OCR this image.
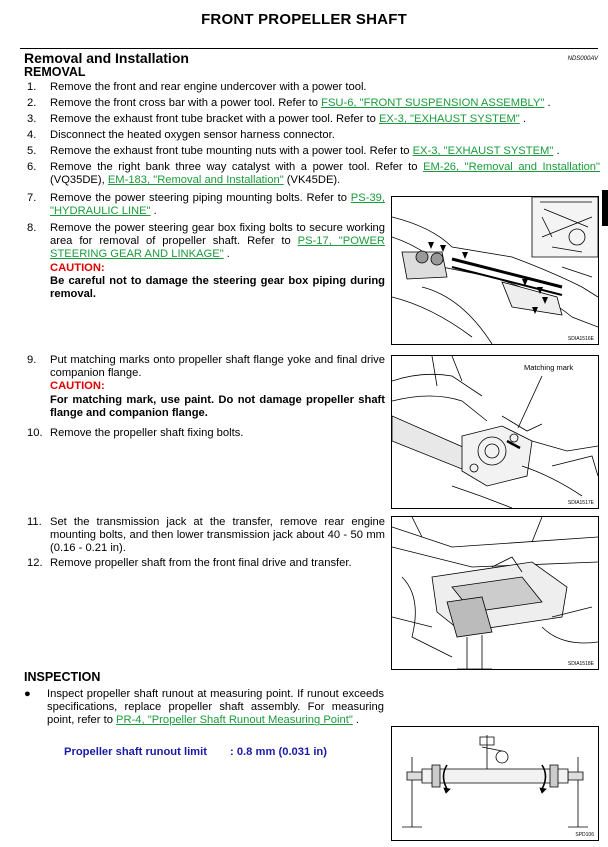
FRONT PROPELLER SHAFT
Removal and Installation	NDS000AV
REMOVAL
1. Remove the front and rear engine undercover with a power tool.
2. Remove the front cross bar with a power tool. Refer to FSU-6, "FRONT SUSPENSION ASSEMBLY" .
3. Remove the exhaust front tube bracket with a power tool. Refer to EX-3, "EXHAUST SYSTEM" .
4. Disconnect the heated oxygen sensor harness connector.
5. Remove the exhaust front tube mounting nuts with a power tool. Refer to EX-3, "EXHAUST SYSTEM" .
6. Remove the right bank three way catalyst with a power tool. Refer to EM-26, "Removal and Installation" (VQ35DE), EM-183, "Removal and Installation" (VK45DE).
7. Remove the power steering piping mounting bolts. Refer to PS-39, "HYDRAULIC LINE" .
8. Remove the power steering gear box fixing bolts to secure working area for removal of propeller shaft. Refer to PS-17, "POWER STEERING GEAR AND LINKAGE" .
CAUTION:
Be careful not to damage the steering gear box piping during removal.
SDIA1516E
9. Put matching marks onto propeller shaft flange yoke and final drive companion flange.
CAUTION:
For matching mark, use paint. Do not damage propeller shaft flange and companion flange.
10. Remove the propeller shaft fixing bolts.
Matching mark
SDIA1517E
11. Set the transmission jack at the transfer, remove rear engine mounting bolts, and then lower transmission jack about 40 - 50 mm (0.16 - 0.21 in).
12. Remove propeller shaft from the front final drive and transfer.
SDIA1518E
INSPECTION
● Inspect propeller shaft runout at measuring point. If runout exceeds specifications, replace propeller shaft assembly. For measuring point, refer to PR-4, "Propeller Shaft Runout Measuring Point" .
Propeller shaft runout limit : 0.8 mm (0.031 in)
SPD106
